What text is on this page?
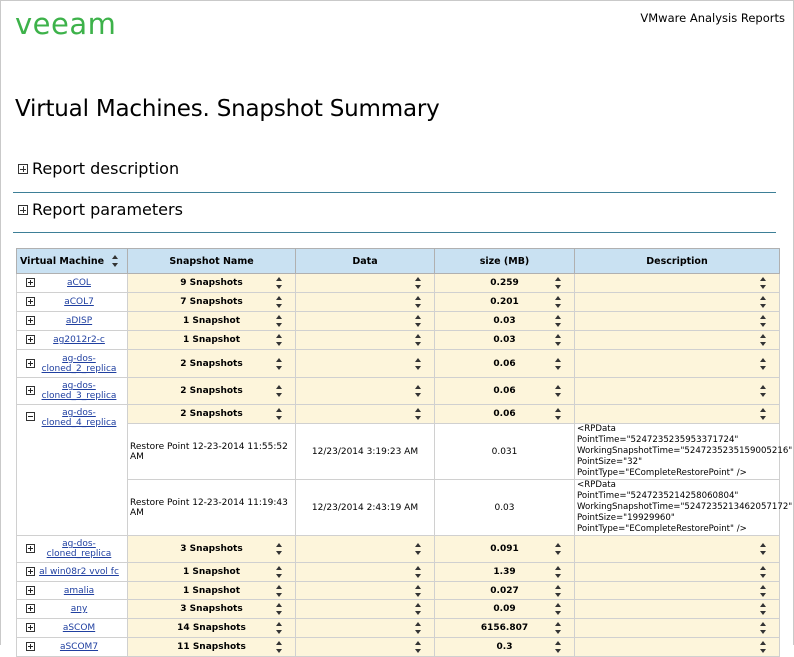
veeam	VMware Analysis Reports
Virtual Machines. Snapshot Summary
Report description
Report parameters
Virtual Machine	Snapshot Name	Data	size (MB)	Description

aCOL	9 Snapshots		0.259

aCOL7	7 Snapshots		0.201

aDISP	1 Snapshot		0.03

ag2012r2-c	1 Snapshot		0.03

ag-dos-
cloned_2_replica	2 Snapshots		0.06

ag-dos-
cloned_3_replica	2 Snapshots		0.06

ag-dos-
cloned_4_replica	2 Snapshots		0.06

	Restore Point 12-23-2014 11:55:52 AM	12/23/2014 3:19:23 AM	0.031	<RPData PointTime="5247235235953371724"
WorkingSnapshotTime="5247235235159005216"
PointSize="32"
PointType="ECompleteRestorePoint" />
	Restore Point 12-23-2014 11:19:43 AM	12/23/2014 2:43:19 AM	0.03	<RPData PointTime="5247235214258060804"
WorkingSnapshotTime="5247235213462057172"
PointSize="19929960"
PointType="ECompleteRestorePoint" />

ag-dos-
cloned_replica	3 Snapshots		0.091

al win08r2 vvol fc	1 Snapshot		1.39

amalia	1 Snapshot		0.027

any	3 Snapshots		0.09

aSCOM	14 Snapshots		6156.807

aSCOM7	11 Snapshots		0.3
